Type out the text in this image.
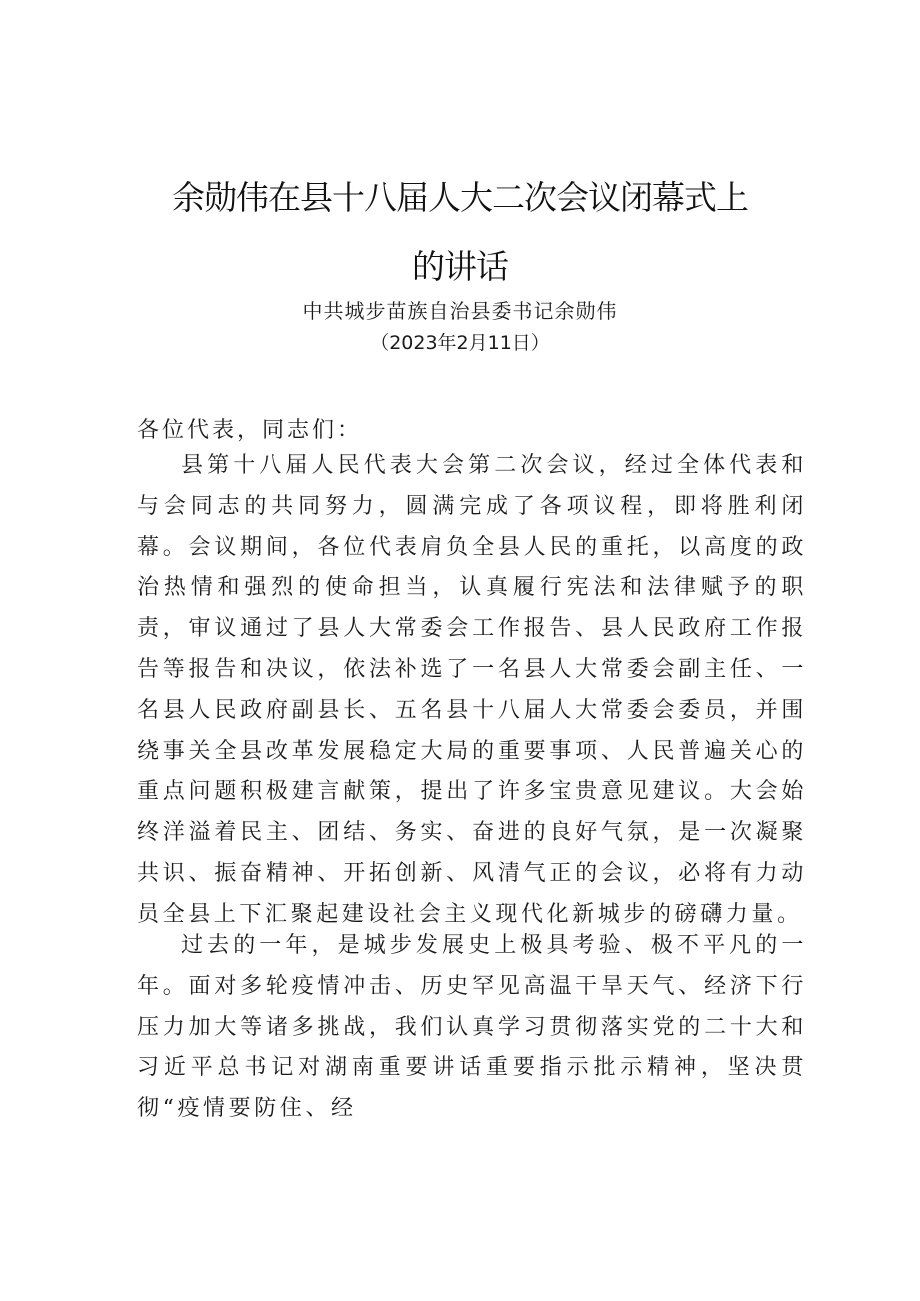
余勋伟在县十八届人大二次会议闭幕式上
的讲话
中共城步苗族自治县委书记余勋伟
（2023年2月11日）
各位代表，同志们：

县第十八届人民代表大会第二次会议，经过全体代表和与会同志的共同努力，圆满完成了各项议程，即将胜利闭幕。会议期间，各位代表肩负全县人民的重托，以高度的政治热情和强烈的使命担当，认真履行宪法和法律赋予的职责，审议通过了县人大常委会工作报告、县人民政府工作报告等报告和决议，依法补选了一名县人大常委会副主任、一名县人民政府副县长、五名县十八届人大常委会委员，并围绕事关全县改革发展稳定大局的重要事项、人民普遍关心的重点问题积极建言献策，提出了许多宝贵意见建议。大会始终洋溢着民主、团结、务实、奋进的良好气氛，是一次凝聚共识、振奋精神、开拓创新、风清气正的会议，必将有力动员全县上下汇聚起建设社会主义现代化新城步的磅礴力量。

过去的一年，是城步发展史上极具考验、极不平凡的一年。面对多轮疫情冲击、历史罕见高温干旱天气、经济下行压力加大等诸多挑战，我们认真学习贯彻落实党的二十大和习近平总书记对湖南重要讲话重要指示批示精神，坚决贯彻“疫情要防住、经
